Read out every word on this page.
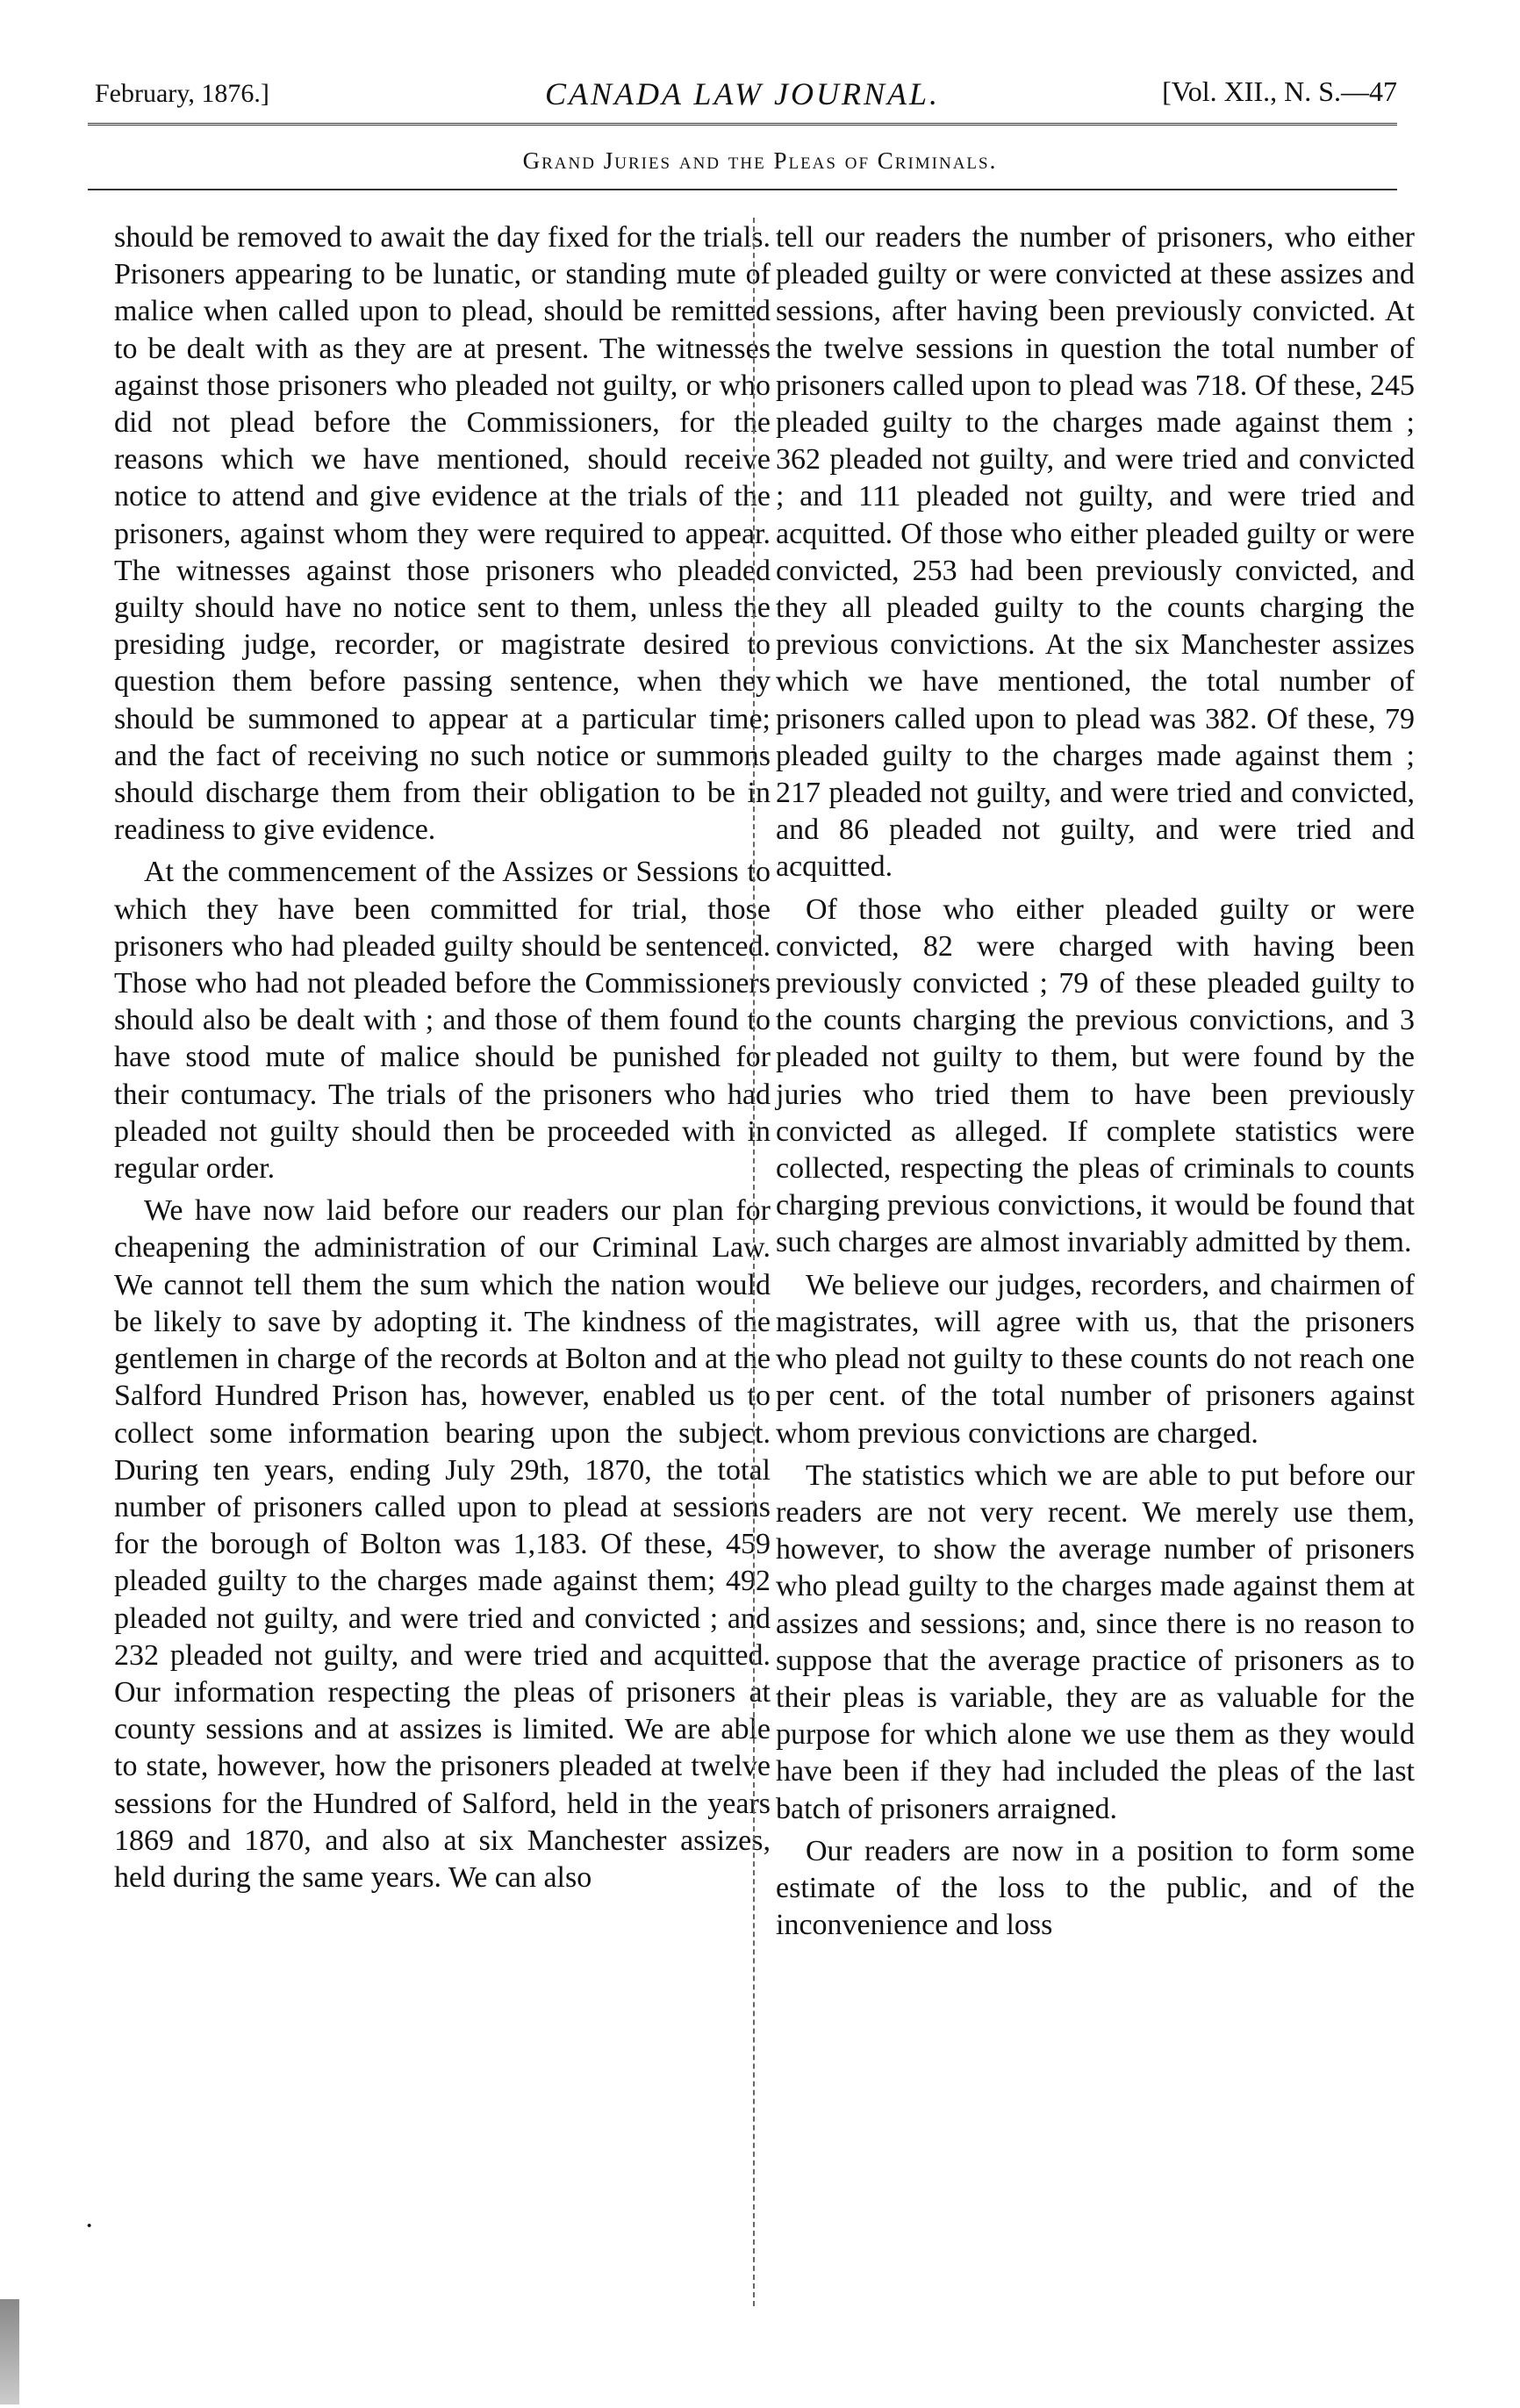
February, 1876.]	CANADA LAW JOURNAL.	[Vol. XII., N. S.—47
Grand Juries and the Pleas of Criminals.

should be removed to await the day fixed for the trials. Prisoners appearing to be lunatic, or standing mute of malice when called upon to plead, should be remitted to be dealt with as they are at present. The witnesses against those prisoners who pleaded not guilty, or who did not plead before the Commissioners, for the reasons which we have mentioned, should receive notice to attend and give evidence at the trials of the prisoners, against whom they were required to appear. The witnesses against those prisoners who pleaded guilty should have no notice sent to them, unless the presiding judge, recorder, or magistrate desired to question them before passing sentence, when they should be summoned to appear at a particular time; and the fact of receiving no such notice or summons should discharge them from their obligation to be in readiness to give evidence.

At the commencement of the Assizes or Sessions to which they have been committed for trial, those prisoners who had pleaded guilty should be sentenced. Those who had not pleaded before the Commissioners should also be dealt with ; and those of them found to have stood mute of malice should be punished for their contumacy. The trials of the prisoners who had pleaded not guilty should then be proceeded with in regular order.

We have now laid before our readers our plan for cheapening the administration of our Criminal Law. We cannot tell them the sum which the nation would be likely to save by adopting it. The kindness of the gentlemen in charge of the records at Bolton and at the Salford Hundred Prison has, however, enabled us to collect some information bearing upon the subject. During ten years, ending July 29th, 1870, the total number of prisoners called upon to plead at sessions for the borough of Bolton was 1,183. Of these, 459 pleaded guilty to the charges made against them; 492 pleaded not guilty, and were tried and convicted ; and 232 pleaded not guilty, and were tried and acquitted. Our information respecting the pleas of prisoners at county sessions and at assizes is limited. We are able to state, however, how the prisoners pleaded at twelve sessions for the Hundred of Salford, held in the years 1869 and 1870, and also at six Manchester assizes, held during the same years. We can also

tell our readers the number of prisoners, who either pleaded guilty or were convicted at these assizes and sessions, after having been previously convicted. At the twelve sessions in question the total number of prisoners called upon to plead was 718. Of these, 245 pleaded guilty to the charges made against them ; 362 pleaded not guilty, and were tried and convicted ; and 111 pleaded not guilty, and were tried and acquitted. Of those who either pleaded guilty or were convicted, 253 had been previously convicted, and they all pleaded guilty to the counts charging the previous convictions. At the six Manchester assizes which we have mentioned, the total number of prisoners called upon to plead was 382. Of these, 79 pleaded guilty to the charges made against them ; 217 pleaded not guilty, and were tried and convicted, and 86 pleaded not guilty, and were tried and acquitted.

Of those who either pleaded guilty or were convicted, 82 were charged with having been previously convicted ; 79 of these pleaded guilty to the counts charging the previous convictions, and 3 pleaded not guilty to them, but were found by the juries who tried them to have been previously convicted as alleged. If complete statistics were collected, respecting the pleas of criminals to counts charging previous convictions, it would be found that such charges are almost invariably admitted by them.

We believe our judges, recorders, and chairmen of magistrates, will agree with us, that the prisoners who plead not guilty to these counts do not reach one per cent. of the total number of prisoners against whom previous convictions are charged.

The statistics which we are able to put before our readers are not very recent. We merely use them, however, to show the average number of prisoners who plead guilty to the charges made against them at assizes and sessions; and, since there is no reason to suppose that the average practice of prisoners as to their pleas is variable, they are as valuable for the purpose for which alone we use them as they would have been if they had included the pleas of the last batch of prisoners arraigned.

Our readers are now in a position to form some estimate of the loss to the public, and of the inconvenience and loss

·
